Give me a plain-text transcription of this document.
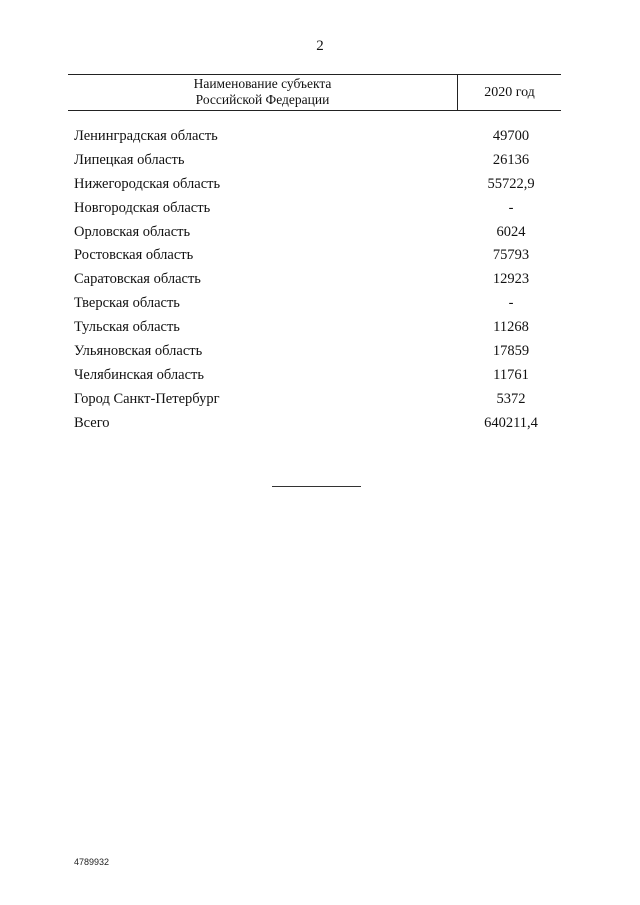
2
Наименование субъекта
Российской Федерации	2020 год
Ленинградская область	49700
Липецкая область	26136
Нижегородская область	55722,9
Новгородская область	-
Орловская область	6024
Ростовская область	75793
Саратовская область	12923
Тверская область	-
Тульская область	11268
Ульяновская область	17859
Челябинская область	11761
Город Санкт-Петербург	5372
Всего	640211,4
4789932
